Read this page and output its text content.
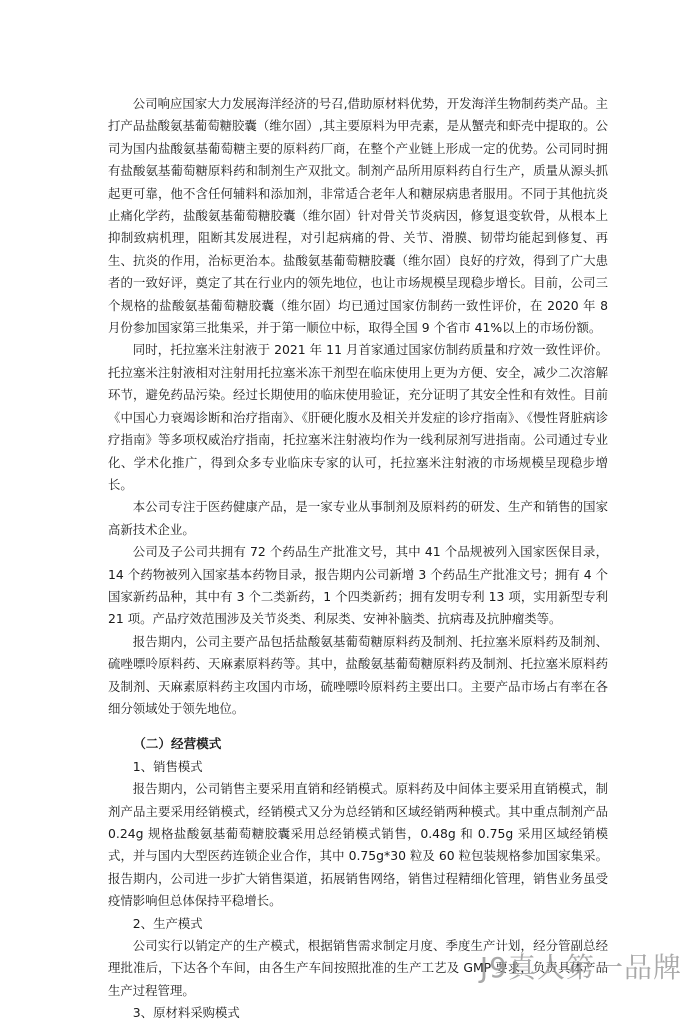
公司响应国家大力发展海洋经济的号召,借助原材料优势，开发海洋生物制药类产品。主打产品盐酸氨基葡萄糖胶囊（维尔固）,其主要原料为甲壳素，是从蟹壳和虾壳中提取的。公司为国内盐酸氨基葡萄糖主要的原料药厂商，在整个产业链上形成一定的优势。公司同时拥有盐酸氨基葡萄糖原料药和制剂生产双批文。制剂产品所用原料药自行生产，质量从源头抓起更可靠，他不含任何辅料和添加剂，非常适合老年人和糖尿病患者服用。不同于其他抗炎止痛化学药，盐酸氨基葡萄糖胶囊（维尔固）针对骨关节炎病因，修复退变软骨，从根本上抑制致病机理，阻断其发展进程，对引起病痛的骨、关节、滑膜、韧带均能起到修复、再生、抗炎的作用，治标更治本。盐酸氨基葡萄糖胶囊（维尔固）良好的疗效，得到了广大患者的一致好评，奠定了其在行业内的领先地位，也让市场规模呈现稳步增长。目前，公司三个规格的盐酸氨基葡萄糖胶囊（维尔固）均已通过国家仿制药一致性评价，在 2020 年 8 月份参加国家第三批集采，并于第一顺位中标，取得全国 9 个省市 41%以上的市场份额。

同时，托拉塞米注射液于 2021 年 11 月首家通过国家仿制药质量和疗效一致性评价。托拉塞米注射液相对注射用托拉塞米冻干剂型在临床使用上更为方便、安全，减少二次溶解环节，避免药品污染。经过长期使用的临床使用验证，充分证明了其安全性和有效性。目前《中国心力衰竭诊断和治疗指南》、《肝硬化腹水及相关并发症的诊疗指南》、《慢性肾脏病诊疗指南》等多项权威治疗指南，托拉塞米注射液均作为一线利尿剂写进指南。公司通过专业化、学术化推广，得到众多专业临床专家的认可，托拉塞米注射液的市场规模呈现稳步增长。

本公司专注于医药健康产品，是一家专业从事制剂及原料药的研发、生产和销售的国家高新技术企业。

公司及子公司共拥有 72 个药品生产批准文号，其中 41 个品规被列入国家医保目录，14 个药物被列入国家基本药物目录，报告期内公司新增 3 个药品生产批准文号；拥有 4 个国家新药品种，其中有 3 个二类新药，1 个四类新药；拥有发明专利 13 项，实用新型专利 21 项。产品疗效范围涉及关节炎类、利尿类、安神补脑类、抗病毒及抗肿瘤类等。

报告期内，公司主要产品包括盐酸氨基葡萄糖原料药及制剂、托拉塞米原料药及制剂、硫唑嘌呤原料药、天麻素原料药等。其中，盐酸氨基葡萄糖原料药及制剂、托拉塞米原料药及制剂、天麻素原料药主攻国内市场，硫唑嘌呤原料药主要出口。主要产品市场占有率在各细分领域处于领先地位。

（二）经营模式
1、销售模式

报告期内，公司销售主要采用直销和经销模式。原料药及中间体主要采用直销模式，制剂产品主要采用经销模式，经销模式又分为总经销和区域经销两种模式。其中重点制剂产品 0.24g 规格盐酸氨基葡萄糖胶囊采用总经销模式销售，0.48g 和 0.75g 采用区域经销模式，并与国内大型医药连锁企业合作，其中 0.75g*30 粒及 60 粒包装规格参加国家集采。报告期内，公司进一步扩大销售渠道，拓展销售网络，销售过程精细化管理，销售业务虽受疫情影响但总体保持平稳增长。

2、生产模式

公司实行以销定产的生产模式，根据销售需求制定月度、季度生产计划，经分管副总经理批准后，下达各个车间，由各生产车间按照批准的生产工艺及 GMP 要求，负责具体产品生产过程管理。

3、原材料采购模式
J9真人第一品牌
